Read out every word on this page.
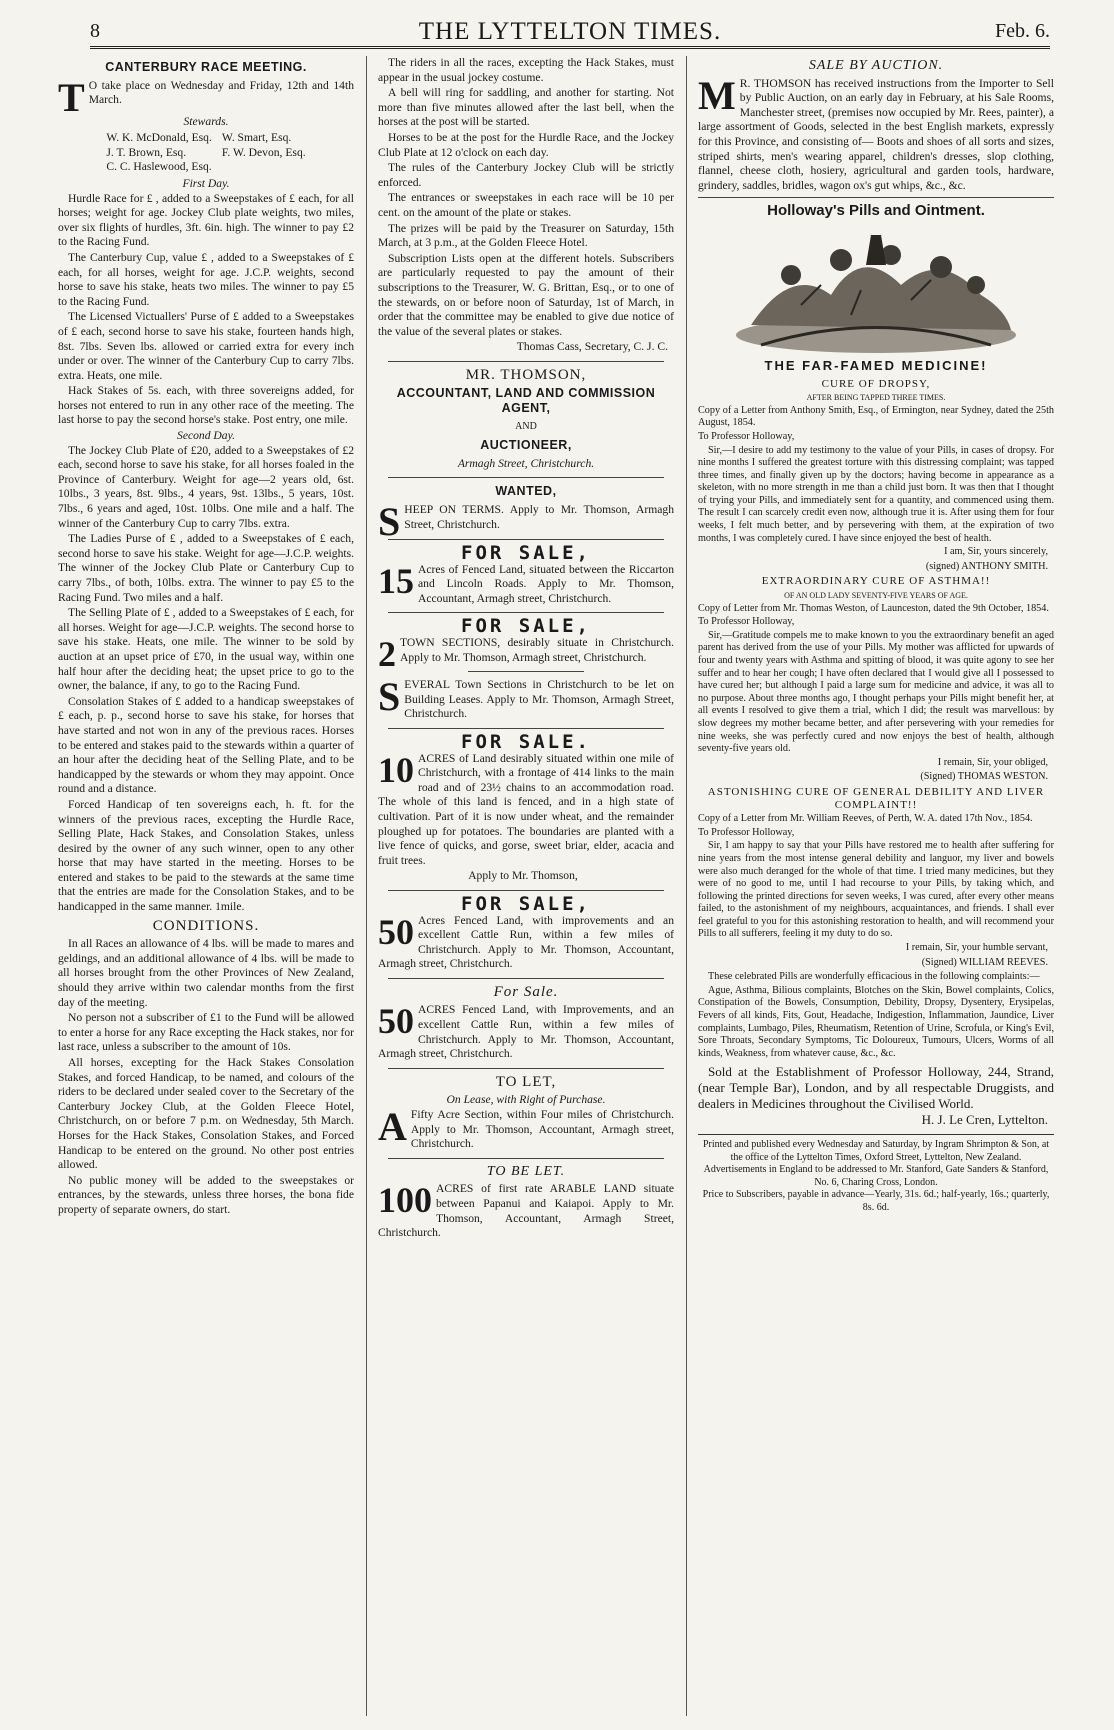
8	THE LYTTELTON TIMES.	Feb. 6.
CANTERBURY RACE MEETING.

T O take place on Wednesday and Friday, 12th and 14th March.

Stewards.
W. K. McDonald, Esq.
J. T. Brown, Esq.
C. C. Haslewood, Esq.
W. Smart, Esq.
F. W. Devon, Esq.
First Day.

Hurdle Race for £ , added to a Sweepstakes of £ each, for all horses; weight for age. Jockey Club plate weights, two miles, over six flights of hurdles, 3ft. 6in. high. The winner to pay £2 to the Racing Fund.

The Canterbury Cup, value £ , added to a Sweepstakes of £ each, for all horses, weight for age. J.C.P. weights, second horse to save his stake, heats two miles. The winner to pay £5 to the Racing Fund.

The Licensed Victuallers' Purse of £ added to a Sweepstakes of £ each, second horse to save his stake, fourteen hands high, 8st. 7lbs. Seven lbs. allowed or carried extra for every inch under or over. The winner of the Canterbury Cup to carry 7lbs. extra. Heats, one mile.

Hack Stakes of 5s. each, with three sovereigns added, for horses not entered to run in any other race of the meeting. The last horse to pay the second horse's stake. Post entry, one mile.

Second Day.

The Jockey Club Plate of £20, added to a Sweepstakes of £2 each, second horse to save his stake, for all horses foaled in the Province of Canterbury. Weight for age—2 years old, 6st. 10lbs., 3 years, 8st. 9lbs., 4 years, 9st. 13lbs., 5 years, 10st. 7lbs., 6 years and aged, 10st. 10lbs. One mile and a half. The winner of the Canterbury Cup to carry 7lbs. extra.

The Ladies Purse of £ , added to a Sweepstakes of £ each, second horse to save his stake. Weight for age—J.C.P. weights. The winner of the Jockey Club Plate or Canterbury Cup to carry 7lbs., of both, 10lbs. extra. The winner to pay £5 to the Racing Fund. Two miles and a half.

The Selling Plate of £ , added to a Sweepstakes of £ each, for all horses. Weight for age—J.C.P. weights. The second horse to save his stake. Heats, one mile. The winner to be sold by auction at an upset price of £70, in the usual way, within one half hour after the deciding heat; the upset price to go to the owner, the balance, if any, to go to the Racing Fund.

Consolation Stakes of £ added to a handicap sweepstakes of £ each, p. p., second horse to save his stake, for horses that have started and not won in any of the previous races. Horses to be entered and stakes paid to the stewards within a quarter of an hour after the deciding heat of the Selling Plate, and to be handicapped by the stewards or whom they may appoint. Once round and a distance.

Forced Handicap of ten sovereigns each, h. ft. for the winners of the previous races, excepting the Hurdle Race, Selling Plate, Hack Stakes, and Consolation Stakes, unless desired by the owner of any such winner, open to any other horse that may have started in the meeting. Horses to be entered and stakes to be paid to the stewards at the same time that the entries are made for the Consolation Stakes, and to be handicapped in the same manner. 1mile.

CONDITIONS.

In all Races an allowance of 4 lbs. will be made to mares and geldings, and an additional allowance of 4 lbs. will be made to all horses brought from the other Provinces of New Zealand, should they arrive within two calendar months from the first day of the meeting.

No person not a subscriber of £1 to the Fund will be allowed to enter a horse for any Race excepting the Hack stakes, nor for last race, unless a subscriber to the amount of 10s.

All horses, excepting for the Hack Stakes Consolation Stakes, and forced Handicap, to be named, and colours of the riders to be declared under sealed cover to the Secretary of the Canterbury Jockey Club, at the Golden Fleece Hotel, Christchurch, on or before 7 p.m. on Wednesday, 5th March. Horses for the Hack Stakes, Consolation Stakes, and Forced Handicap to be entered on the ground. No other post entries allowed.

No public money will be added to the sweepstakes or entrances, by the stewards, unless three horses, the bona fide property of separate owners, do start.

The riders in all the races, excepting the Hack Stakes, must appear in the usual jockey costume.

A bell will ring for saddling, and another for starting. Not more than five minutes allowed after the last bell, when the horses at the post will be started.

Horses to be at the post for the Hurdle Race, and the Jockey Club Plate at 12 o'clock on each day.

The rules of the Canterbury Jockey Club will be strictly enforced.

The entrances or sweepstakes in each race will be 10 per cent. on the amount of the plate or stakes.

The prizes will be paid by the Treasurer on Saturday, 15th March, at 3 p.m., at the Golden Fleece Hotel.

Subscription Lists open at the different hotels. Subscribers are particularly requested to pay the amount of their subscriptions to the Treasurer, W. G. Brittan, Esq., or to one of the stewards, on or before noon of Saturday, 1st of March, in order that the committee may be enabled to give due notice of the value of the several plates or stakes.

Thomas Cass, Secretary, C. J. C.
MR. THOMSON,
ACCOUNTANT, LAND AND COMMISSION AGENT,
AND
AUCTIONEER,
Armagh Street, Christchurch.
WANTED,

SHEEP ON TERMS. Apply to Mr. Thomson, Armagh Street, Christchurch.

FOR SALE,

15 Acres of Fenced Land, situated between the Riccarton and Lincoln Roads. Apply to Mr. Thomson, Accountant, Armagh street, Christchurch.

FOR SALE,

2 TOWN SECTIONS, desirably situate in Christchurch. Apply to Mr. Thomson, Armagh street, Christchurch.

SEVERAL Town Sections in Christchurch to be let on Building Leases. Apply to Mr. Thomson, Armagh Street, Christchurch.

FOR SALE.

10 ACRES of Land desirably situated within one mile of Christchurch, with a frontage of 414 links to the main road and of 23½ chains to an accommodation road. The whole of this land is fenced, and in a high state of cultivation. Part of it is now under wheat, and the remainder ploughed up for potatoes. The boundaries are planted with a live fence of quicks, and gorse, sweet briar, elder, acacia and fruit trees.

Apply to Mr. Thomson,
FOR SALE,

50 Acres Fenced Land, with improvements and an excellent Cattle Run, within a few miles of Christchurch. Apply to Mr. Thomson, Accountant, Armagh street, Christchurch.

For Sale.

50 ACRES Fenced Land, with Improvements, and an excellent Cattle Run, within a few miles of Christchurch. Apply to Mr. Thomson, Accountant, Armagh street, Christchurch.

TO LET,
On Lease, with Right of Purchase.

A Fifty Acre Section, within Four miles of Christchurch. Apply to Mr. Thomson, Accountant, Armagh street, Christchurch.

TO BE LET.

100 ACRES of first rate ARABLE LAND situate between Papanui and Kaiapoi. Apply to Mr. Thomson, Accountant, Armagh Street, Christchurch.

SALE BY AUCTION.

M R. THOMSON has received instructions from the Importer to Sell by Public Auction, on an early day in February, at his Sale Rooms, Manchester street, (premises now occupied by Mr. Rees, painter), a large assortment of Goods, selected in the best English markets, expressly for this Province, and consisting of— Boots and shoes of all sorts and sizes, striped shirts, men's wearing apparel, children's dresses, slop clothing, flannel, cheese cloth, hosiery, agricultural and garden tools, hardware, grindery, saddles, bridles, wagon ox's gut whips, &c., &c.

Holloway's Pills and Ointment.
THE FAR-FAMED MEDICINE!
CURE OF DROPSY,
AFTER BEING TAPPED THREE TIMES.

Copy of a Letter from Anthony Smith, Esq., of Ermington, near Sydney, dated the 25th August, 1854.

To Professor Holloway,

Sir,—I desire to add my testimony to the value of your Pills, in cases of dropsy. For nine months I suffered the greatest torture with this distressing complaint; was tapped three times, and finally given up by the doctors; having become in appearance as a skeleton, with no more strength in me than a child just born. It was then that I thought of trying your Pills, and immediately sent for a quantity, and commenced using them. The result I can scarcely credit even now, although true it is. After using them for four weeks, I felt much better, and by persevering with them, at the expiration of two months, I was completely cured. I have since enjoyed the best of health.

I am, Sir, yours sincerely,
(signed) ANTHONY SMITH.
EXTRAORDINARY CURE OF ASTHMA!!
OF AN OLD LADY SEVENTY-FIVE YEARS OF AGE.

Copy of Letter from Mr. Thomas Weston, of Launceston, dated the 9th October, 1854.

To Professor Holloway,

Sir,—Gratitude compels me to make known to you the extraordinary benefit an aged parent has derived from the use of your Pills. My mother was afflicted for upwards of four and twenty years with Asthma and spitting of blood, it was quite agony to see her suffer and to hear her cough; I have often declared that I would give all I possessed to have cured her; but although I paid a large sum for medicine and advice, it was all to no purpose. About three months ago, I thought perhaps your Pills might benefit her, at all events I resolved to give them a trial, which I did; the result was marvellous: by slow degrees my mother became better, and after persevering with your remedies for nine weeks, she was perfectly cured and now enjoys the best of health, although seventy-five years old.

I remain, Sir, your obliged,
(Signed) THOMAS WESTON.
ASTONISHING CURE OF GENERAL DEBILITY AND LIVER COMPLAINT!!

Copy of a Letter from Mr. William Reeves, of Perth, W. A. dated 17th Nov., 1854.

To Professor Holloway,

Sir, I am happy to say that your Pills have restored me to health after suffering for nine years from the most intense general debility and languor, my liver and bowels were also much deranged for the whole of that time. I tried many medicines, but they were of no good to me, until I had recourse to your Pills, by taking which, and following the printed directions for seven weeks, I was cured, after every other means failed, to the astonishment of my neighbours, acquaintances, and friends. I shall ever feel grateful to you for this astonishing restoration to health, and will recommend your Pills to all sufferers, feeling it my duty to do so.

I remain, Sir, your humble servant,
(Signed) WILLIAM REEVES.

These celebrated Pills are wonderfully efficacious in the following complaints:—

Ague, Asthma, Bilious complaints, Blotches on the Skin, Bowel complaints, Colics, Constipation of the Bowels, Consumption, Debility, Dropsy, Dysentery, Erysipelas, Fevers of all kinds, Fits, Gout, Headache, Indigestion, Inflammation, Jaundice, Liver complaints, Lumbago, Piles, Rheumatism, Retention of Urine, Scrofula, or King's Evil, Sore Throats, Secondary Symptoms, Tic Doloureux, Tumours, Ulcers, Worms of all kinds, Weakness, from whatever cause, &c., &c.

Sold at the Establishment of Professor Holloway, 244, Strand, (near Temple Bar), London, and by all respectable Druggists, and dealers in Medicines throughout the Civilised World.

H. J. Le Cren, Lyttelton.
Printed and published every Wednesday and Saturday, by Ingram Shrimpton & Son, at the office of the Lyttelton Times, Oxford Street, Lyttelton, New Zealand.
Advertisements in England to be addressed to Mr. Stanford, Gate Sanders & Stanford, No. 6, Charing Cross, London.
Price to Subscribers, payable in advance—Yearly, 31s. 6d.; half-yearly, 16s.; quarterly, 8s. 6d.
